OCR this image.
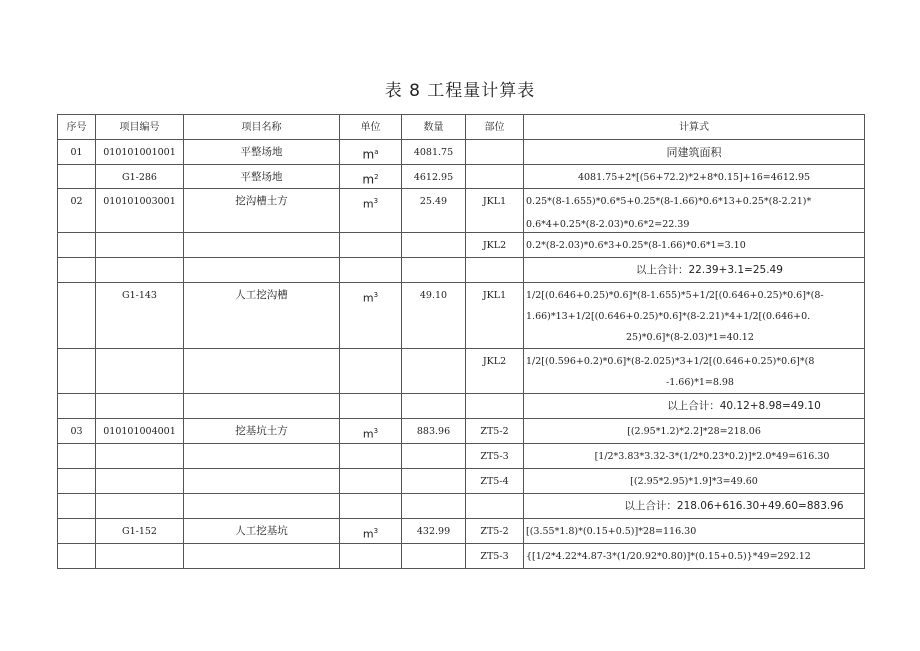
表 8 工程量计算表
序号	项目编号	项目名称	单位	数量	部位	计算式
01	010101001001	平整场地	$m^a$	4081.75		同建筑面积

	G1-286	平整场地	$m^2$	4612.95		4081.75+2*[(56+72.2)*2+8*0.15]+16=4612.95

02	010101003001	挖沟槽土方	$m^3$	25.49	JKL1	0.25*(8-1.655)*0.6*5+0.25*(8-1.66)*0.6*13+0.25*(8-2.21)*
0.6*4+0.25*(8-2.03)*0.6*2=22.39

					JKL2	0.2*(8-2.03)*0.6*3+0.25*(8-1.66)*0.6*1=3.10

						以上合计：22.39+3.1=25.49

	G1-143	人工挖沟槽	$m^3$	49.10	JKL1	1/2[(0.646+0.25)*0.6]*(8-1.655)*5+1/2[(0.646+0.25)*0.6]*(8-
1.66)*13+1/2[(0.646+0.25)*0.6]*(8-2.21)*4+1/2[(0.646+0.
25)*0.6]*(8-2.03)*1=40.12

					JKL2	1/2[(0.596+0.2)*0.6]*(8-2.025)*3+1/2[(0.646+0.25)*0.6]*(8
-1.66)*1=8.98

						以上合计：40.12+8.98=49.10

03	010101004001	挖基坑土方	$m^3$	883.96	ZT5-2	[(2.95*1.2)*2.2]*28=218.06

					ZT5-3	[1/2*3.83*3.32-3*(1/2*0.23*0.2)]*2.0*49=616.30

					ZT5-4	[(2.95*2.95)*1.9]*3=49.60

						以上合计：218.06+616.30+49.60=883.96

	G1-152	人工挖基坑	$m^3$	432.99	ZT5-2	[(3.55*1.8)*(0.15+0.5)]*28=116.30

					ZT5-3	{[1/2*4.22*4.87-3*(1/20.92*0.80)]*(0.15+0.5)}*49=292.12
